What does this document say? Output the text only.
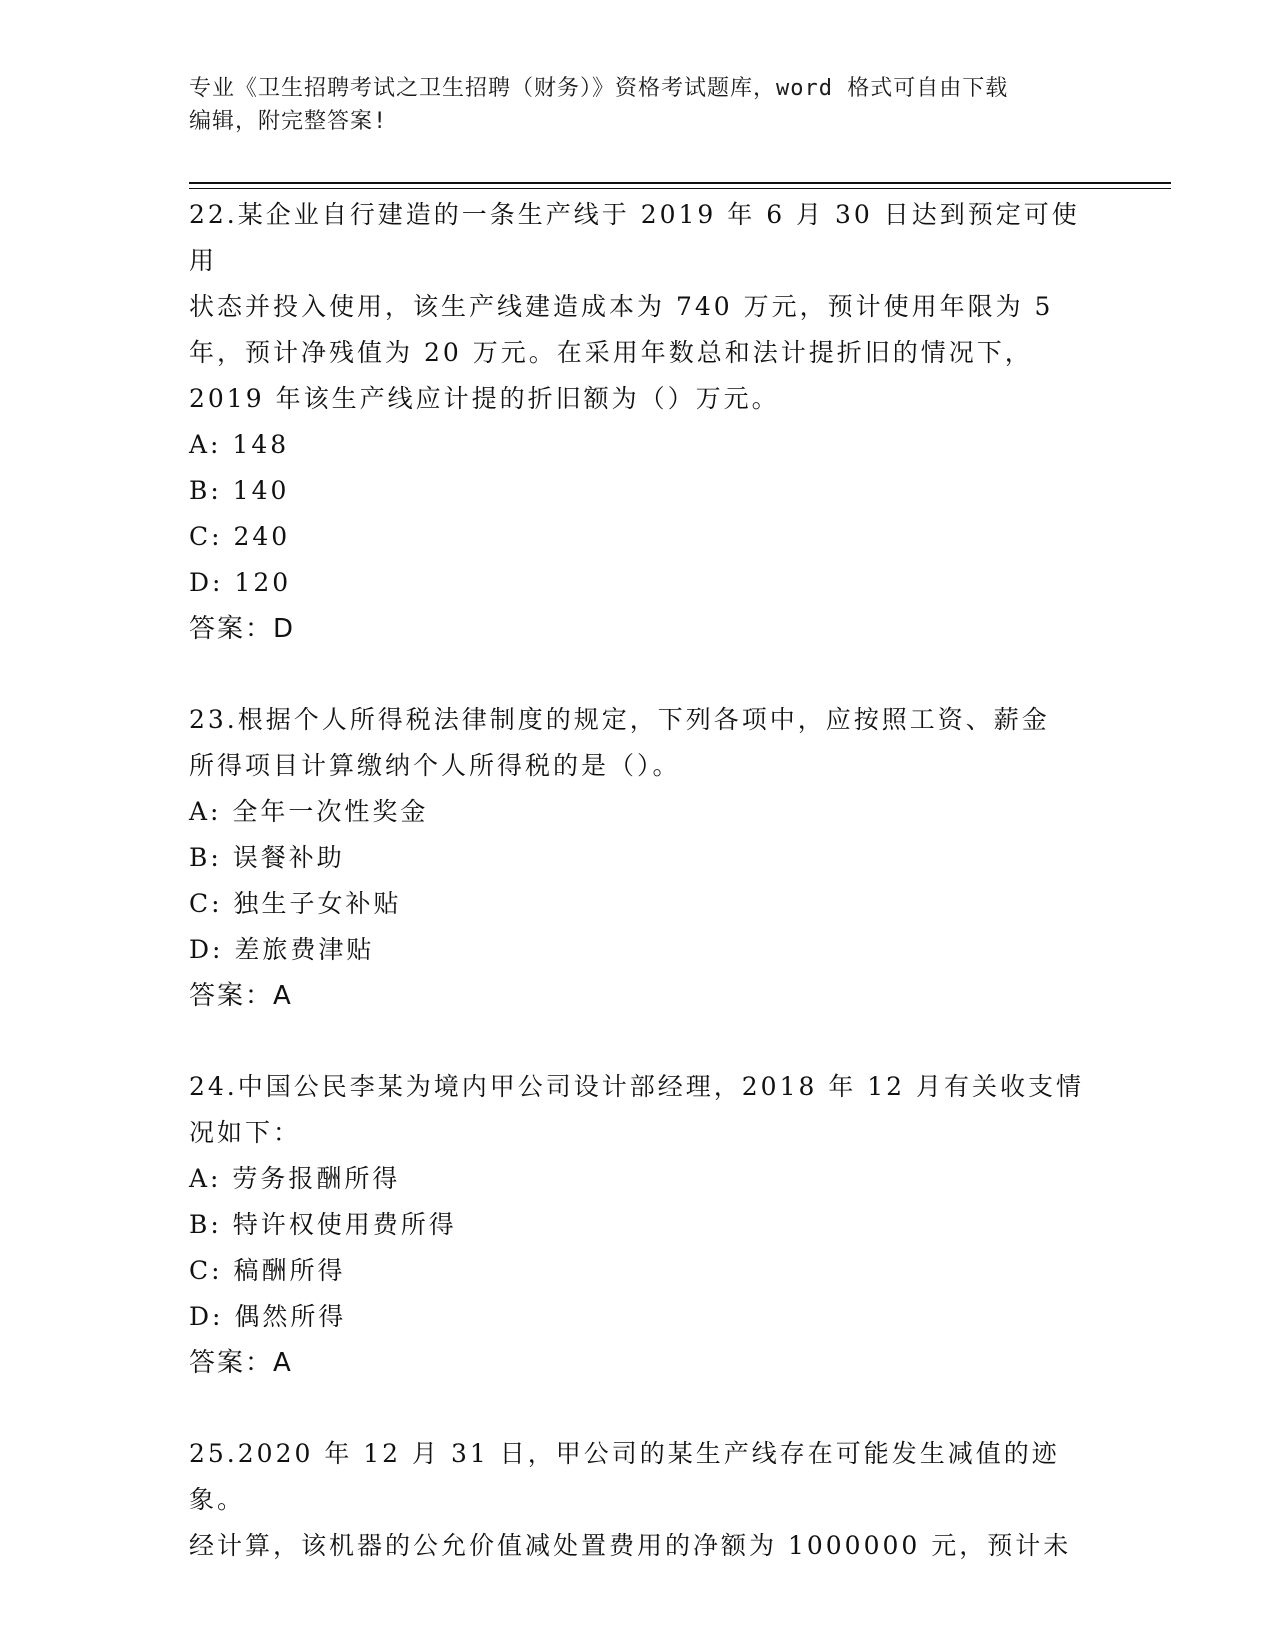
专业《卫生招聘考试之卫生招聘（财务）》资格考试题库，word 格式可自由下载
编辑，附完整答案!

22.某企业自行建造的一条生产线于 2019 年 6 月 30 日达到预定可使用

状态并投入使用，该生产线建造成本为 740 万元，预计使用年限为 5

年，预计净残值为 20 万元。在采用年数总和法计提折旧的情况下，

2019 年该生产线应计提的折旧额为（）万元。

A: 148

B: 140

C: 240

D: 120

答案：D

23.根据个人所得税法律制度的规定，下列各项中，应按照工资、薪金

所得项目计算缴纳个人所得税的是（）。

A: 全年一次性奖金

B: 误餐补助

C: 独生子女补贴

D: 差旅费津贴

答案：A

24.中国公民李某为境内甲公司设计部经理，2018 年 12 月有关收支情

况如下：

A: 劳务报酬所得

B: 特许权使用费所得

C: 稿酬所得

D: 偶然所得

答案：A

25.2020 年 12 月 31 日，甲公司的某生产线存在可能发生减值的迹象。

经计算，该机器的公允价值减处置费用的净额为 1000000 元，预计未
